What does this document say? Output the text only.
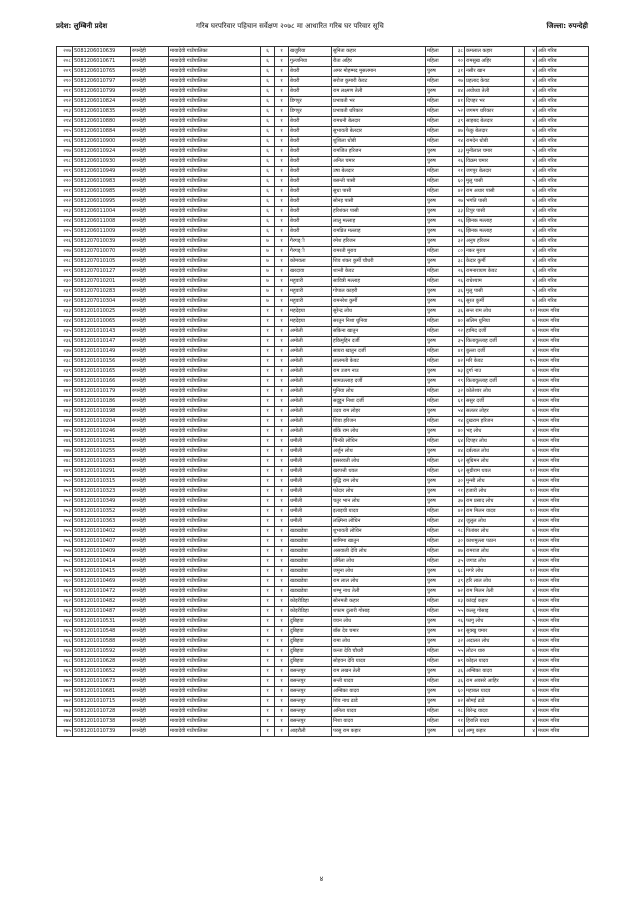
प्रदेश: लुम्बिनी प्रदेश	गरिब घरपरिवार पहिचान सर्वेक्षण २०७८ मा आधारित गरिब घर परिवार सूचि	जिल्ला: रुपन्देही
२०७	5081206010639	रुपन्देही	मायादेवी गाउँपालिका	६	१	खजुरिया	सुनिता कहार	महिला	३८	कमलाल कहार	४	अति गरिब
२०८	5081206010671	रुपन्देही	मायादेवी गाउँपालिका	६	१	गुल्जनिया	रीता अहिर	महिला	२०	रामसुख अहिर	४	अति गरिब
२०९	5081206010765	रुपन्देही	मायादेवी गाउँपालिका	६	१	बेथरी	अमर मोहम्मद मुसलमान	पुरुष	३१	नसीर खान	४	अति गरिब
२१०	5081206010797	रुपन्देही	मायादेवी गाउँपालिका	६	१	बेथरी	सरोज कुमारी केवट	महिला	२७	प्रहलाद केवट	४	अति गरिब
२११	5081206010799	रुपन्देही	मायादेवी गाउँपालिका	६	१	बेथरी	राम लक्ष्मण तेली	पुरुष	४४	अयोध्या तेली	४	अति गरिब
२१२	5081206010824	रुपन्देही	मायादेवी गाउँपालिका	६	१	डिगपुर	प्रभावती भर	महिला	४१	दिपहर भर	४	अति गरिब
२१३	5081206010835	रुपन्देही	मायादेवी गाउँपालिका	६	१	डिगपुर	प्रभावती धरिकार	महिला	५२	जगमग धरिकार	४	अति गरिब
२१४	5081206010880	रुपन्देही	मायादेवी गाउँपालिका	६	१	बेथरी	रामधनी बेलदार	महिला	३९	साहबद बेलदार	४	अति गरिब
२१५	5081206010884	रुपन्देही	मायादेवी गाउँपालिका	६	१	बेथरी	सुभावती बेलदार	महिला	४७	फेकु बेलदार	७	अति गरिब
२१६	5081206010900	रुपन्देही	मायादेवी गाउँपालिका	६	१	बेथरी	शुशिला धोबी	महिला	२४	रामदेन धोबी	४	अति गरिब
२१७	5081206010924	रुपन्देही	मायादेवी गाउँपालिका	६	१	बेथरी	रामजित हरिजन	पुरुष	३३	मुनीलाल चमार	५	अति गरिब
२१८	5081206010930	रुपन्देही	मायादेवी गाउँपालिका	६	१	बेथरी	अनित चमार	पुरुष	२६	विक्रम चमार	४	अति गरिब
२१९	5081206010949	रुपन्देही	मायादेवी गाउँपालिका	६	१	बेथरी	उषा बेलदार	महिला	२१	जगपुर बेलदार	४	अति गरिब
२२०	5081206010983	रुपन्देही	मायादेवी गाउँपालिका	६	१	बेथरी	बसन्ती पासी	महिला	६०	मुलु पासी	५	अति गरिब
२२१	5081206010985	रुपन्देही	मायादेवी गाउँपालिका	६	१	बेथरी	सुधा पासी	महिला	४२	राम अधार पासी	७	अति गरिब
२२२	5081206010995	रुपन्देही	मायादेवी गाउँपालिका	६	१	बेथरी	सोनइ पासी	पुरुष	२७	भगति पासी	७	अति गरिब
२२३	5081206011004	रुपन्देही	मायादेवी गाउँपालिका	६	१	बेथरी	हरिशंकर पासी	पुरुष	३३	टिपुर पासी	४	अति गरिब
२२४	5081206011008	रुपन्देही	मायादेवी गाउँपालिका	६	१	बेथरी	लालु मल्लाह	पुरुष	२६	झिनक मल्लाह	४	अति गरिब
२२५	5081206011009	रुपन्देही	मायादेवी गाउँपालिका	६	१	बेथरी	रामप्रित मल्लाह	पुरुष	२६	झिनक मल्लाह	४	अति गरिब
२२६	5081207010039	रुपन्देही	मायादेवी गाउँपालिका	७	१	गैरगड्ी	रमेश हरिजन	पुरुष	३२	अनुप हरिजन	७	अति गरिब
२२७	5081207010070	रुपन्देही	मायादेवी गाउँपालिका	७	१	गैरगड्ी	रामरती मुराव	महिला	८०	नकर मुराव	४	अति गरिब
२२८	5081207010105	रुपन्देही	मायादेवी गाउँपालिका	७	१	कोमवला	शिव शंकर कुर्मी चौधरी	पुरुष	३८	केदार कुर्मी	४	अति गरिब
२२९	5081207010127	रुपन्देही	मायादेवी गाउँपालिका	७	१	खरदावा	शान्ती केवट	महिला	२६	रामनारायण केवट	६	अति गरिब
२३०	5081207010201	रुपन्देही	मायादेवी गाउँपालिका	७	१	महुवारी	सावित्री मल्लाह	महिला	२६	राधेश्याम	४	अति गरिब
२३१	5081207010283	रुपन्देही	मायादेवी गाउँपालिका	७	१	महुवारी	गोपाल काहरी	पुरुष	३६	मुलु पासी	५	अति गरिब
२३२	5081207010304	रुपन्देही	मायादेवी गाउँपालिका	७	१	महुवारी	रामनरेश कुर्मी	पुरुष	२६	सुरत कुर्मी	७	अति गरिब
२३३	5081201010025	रुपन्देही	मायादेवी गाउँपालिका	१	१	महदेइया	सुरेन्द्र लोध	पुरुष	३६	सन्त राम लोध	१२	मध्यम गरिब
२३४	5081201010065	रुपन्देही	मायादेवी गाउँपालिका	१	१	महदेइया	सरतुन निशा धुनिया	महिला	४०	सलिम धुनिया	७	मध्यम गरिब
२३५	5081201010143	रुपन्देही	मायादेवी गाउँपालिका	१	१	अमोली	सकिना खातुन	महिला	२२	हामिद दर्जी	७	मध्यम गरिब
२३६	5081201010147	रुपन्देही	मायादेवी गाउँपालिका	१	१	अमोली	हकिमुद्दिन दर्जी	पुरुष	३५	कितावुल्लाह दर्जी	४	मध्यम गरिब
२३७	5081201010149	रुपन्देही	मायादेवी गाउँपालिका	१	१	अमोली	सायरा खातुन दर्जी	महिला	४१	बुल्ला दर्जी	४	मध्यम गरिब
२३८	5081201010156	रुपन्देही	मायादेवी गाउँपालिका	१	१	अमोली	लालमती केवट	महिला	४२	मरि केवट	१५	मध्यम गरिब
२३९	5081201010165	रुपन्देही	मायादेवी गाउँपालिका	१	१	अमोली	राम उजग नाउ	पुरुष	७३	दुर्गा नाउ	७	मध्यम गरिब
२४०	5081201010166	रुपन्देही	मायादेवी गाउँपालिका	१	१	अमोली	सामउल्लाह दर्जी	पुरुष	२९	कितावुल्लाह दर्जी	७	मध्यम गरिब
२४१	5081201010179	रुपन्देही	मायादेवी गाउँपालिका	१	१	अमोली	मुनिया लोध	महिला	३२	कोलेश्वर लोध	४	मध्यम गरिब
२४२	5081201010186	रुपन्देही	मायादेवी गाउँपालिका	१	१	अमोली	सदूद्दुन निशा दर्जी	महिला	६१	ससुर दर्जी	७	मध्यम गरिब
२४३	5081201010198	रुपन्देही	मायादेवी गाउँपालिका	१	१	अमोली	उदय राम लोहर	पुरुष	५४	सलतर लोहर	७	मध्यम गरिब
२४४	5081201010204	रुपन्देही	मायादेवी गाउँपालिका	१	१	अमोली	शिवा हरिजन	महिला	२४	दुखराम हरिजन	५	मध्यम गरिब
२४५	5081201010246	रुपन्देही	मायादेवी गाउँपालिका	१	१	अमोली	बाँके राम लोध	पुरुष	४०	भद्द लोध	४	मध्यम गरिब
२४६	5081201010251	रुपन्देही	मायादेवी गाउँपालिका	१	१	धमौली	चिन्की लोधिन	महिला	६४	दिपहर लोध	७	मध्यम गरिब
२४७	5081201010255	रुपन्देही	मायादेवी गाउँपालिका	१	१	धमौली	अर्जुन लोध	पुरुष	४४	दर्बलाल लोध	७	मध्यम गरिब
२४८	5081201010263	रुपन्देही	मायादेवी गाउँपालिका	१	१	धमौली	इस्सरवती लोध	महिला	६२	सुग्रिमन लोध	४	मध्यम गरिब
२४९	5081201010291	रुपन्देही	मायादेवी गाउँपालिका	१	१	धमौली	खरपत्ती थवल	महिला	६२	सुग्रीराम थवल	१२	मध्यम गरिब
२५०	5081201010315	रुपन्देही	मायादेवी गाउँपालिका	१	१	धमौली	बुद्धि राम लोध	पुरुष	३०	मुन्सी लोध	७	मध्यम गरिब
२५१	5081201010323	रुपन्देही	मायादेवी गाउँपालिका	१	१	धमौली	फोदार लोध	पुरुष	२१	हजारी लोध	१०	मध्यम गरिब
२५२	5081201010349	रुपन्देही	मायादेवी गाउँपालिका	१	१	धमौली	चतुर भान लोध	पुरुष	३७	राम प्रसाद लोध	४	मध्यम गरिब
२५३	5081201010352	रुपन्देही	मायादेवी गाउँपालिका	१	१	धमौली	इलाइची यादव	महिला	४२	राम मिलन यादव	१०	मध्यम गरिब
२५४	5081201010363	रुपन्देही	मायादेवी गाउँपालिका	१	१	धमौली	लक्ष्मिना लोधिन	महिला	३४	जुलुल लोध	४	मध्यम गरिब
२५५	5081201010402	रुपन्देही	मायादेवी गाउँपालिका	१	१	खडखडेया	शुभावती लोधिन	महिला	२८	पितांबर लोध	७	मध्यम गरिब
२५६	5081201010407	रुपन्देही	मायादेवी गाउँपालिका	१	१	खडखडेया	सामिमा खातुन	महिला	३०	काशमुल्ला पठान	११	मध्यम गरिब
२५७	5081201010409	रुपन्देही	मायादेवी गाउँपालिका	१	१	खडखडेया	असवाली देवि लोध	महिला	४७	रामराज लोध	७	मध्यम गरिब
२५८	5081201010414	रुपन्देही	मायादेवी गाउँपालिका	१	१	खडखडेया	उर्मिला लोध	महिला	३५	जगाड लोध	४	मध्यम गरिब
२५९	5081201010415	रुपन्देही	मायादेवी गाउँपालिका	१	१	खडखडेया	जमुना लोध	पुरुष	६८	मगरे लोध	१२	मध्यम गरिब
२६०	5081201010469	रुपन्देही	मायादेवी गाउँपालिका	१	१	खडखडेया	राम लाल लोध	पुरुष	३९	हरि लाल लोध	१०	मध्यम गरिब
२६१	5081201010472	रुपन्देही	मायादेवी गाउँपालिका	१	१	खडखडेया	शम्भु नाथ तेली	पुरुष	७२	राम मिलन तेली	४	मध्यम गरिब
२६२	5081201010482	रुपन्देही	मायादेवी गाउँपालिका	१	१	कोइरीडिहा	सोनमती कहार	महिला	४३	कांदई कहार	७	मध्यम गरिब
२६३	5081201010487	रुपन्देही	मायादेवी गाउँपालिका	१	१	कोइरीडिहा	शफाम दुलारी गोसाइ	महिला	५५	कल्लु गोसाइ	६	मध्यम गरिब
२६४	5081201010531	रुपन्देही	मायादेवी गाउँपालिका	१	१	दुबिहवा	वचन लोध	पुरुष	२६	फागु लोध	५	मध्यम गरिब
२६५	5081201010548	रुपन्देही	मायादेवी गाउँपालिका	१	१	दुबिहवा	बाँस देव चमार	पुरुष	७१	सुक्खु चमार	४	मध्यम गरिब
२६६	5081201010588	रुपन्देही	मायादेवी गाउँपालिका	१	१	दुबिहवा	रामा लोध	पुरुष	३२	अदालत लोध	७	मध्यम गरिब
२६७	5081201010592	रुपन्देही	मायादेवी गाउँपालिका	१	१	दुबिहवा	कन्ता देवि चौधरी	महिला	५५	लोटन थारु	७	मध्यम गरिब
२६८	5081201010628	रुपन्देही	मायादेवी गाउँपालिका	१	१	दुबिहवा	सोहवन देवि यादव	महिला	७९	कोइल यादव	४	मध्यम गरिब
२६९	5081201010652	रुपन्देही	मायादेवी गाउँपालिका	१	१	बसन्तपुर	राम लखन तेली	पुरुष	३६	अम्बिका यादव	४	मध्यम गरिब
२७०	5081201010673	रुपन्देही	मायादेवी गाउँपालिका	१	१	बसन्तपुर	सन्ती यादव	महिला	३६	राम अवसरे आहिर	४	मध्यम गरिब
२७१	5081201010681	रुपन्देही	मायादेवी गाउँपालिका	१	१	बसन्तपुर	अम्बिका यादव	पुरुष	६०	महाबल यादव	७	मध्यम गरिब
२७२	5081201010715	रुपन्देही	मायादेवी गाउँपालिका	१	१	बसन्तपुर	शिव नाथ ढाडे	पुरुष	४२	सोमई ढाडे	७	मध्यम गरिब
२७३	5081201010728	रुपन्देही	मायादेवी गाउँपालिका	१	१	बसन्तपुर	अनिता यादव	महिला	२८	बिरेन्द्र यादव	४	मध्यम गरिब
२७४	5081201010738	रुपन्देही	मायादेवी गाउँपालिका	१	१	बसन्तपुर	निशा यादव	महिला	२१	हिरालि यादव	४	मध्यम गरिब
२७५	5081201010739	रुपन्देही	मायादेवी गाउँपालिका	१	१	आइरौली	परसु राम कहार	पुरुष	६४	अम्पु कहार	४	मध्यम गरिब
४
